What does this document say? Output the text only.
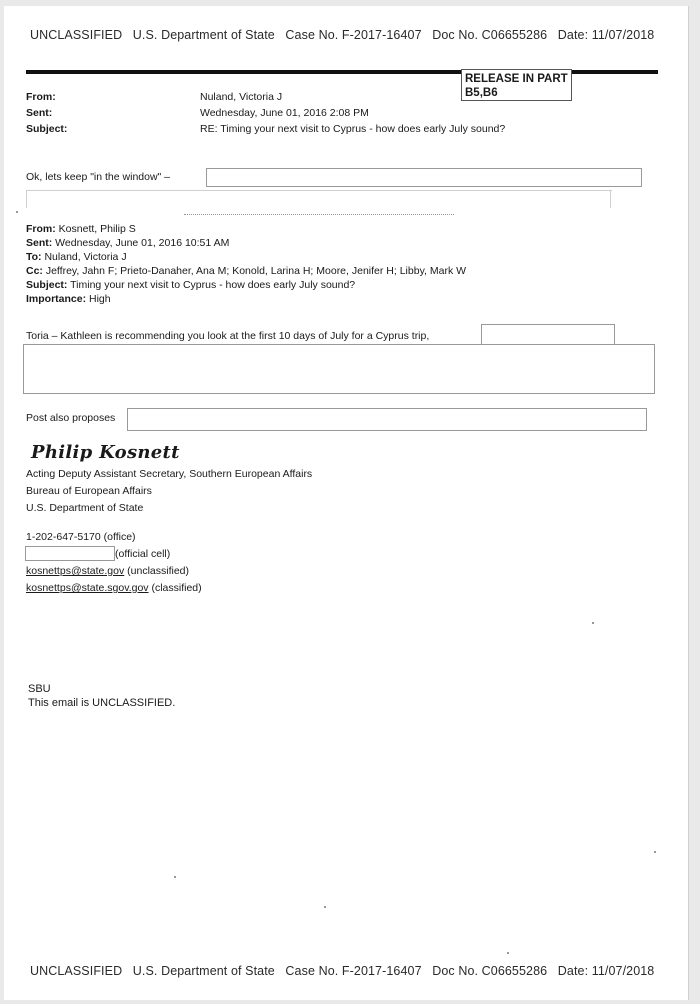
UNCLASSIFIED U.S. Department of State Case No. F-2017-16407 Doc No. C06655286 Date: 11/07/2018
RELEASE IN PART
B5,B6
From:	Nuland, Victoria J
Sent:	Wednesday, June 01, 2016 2:08 PM
Subject:	RE: Timing your next visit to Cyprus - how does early July sound?
Ok, lets keep "in the window" –
From: Kosnett, Philip S
Sent: Wednesday, June 01, 2016 10:51 AM
To: Nuland, Victoria J
Cc: Jeffrey, Jahn F; Prieto-Danaher, Ana M; Konold, Larina H; Moore, Jenifer H; Libby, Mark W
Subject: Timing your next visit to Cyprus - how does early July sound?
Importance: High
Toria – Kathleen is recommending you look at the first 10 days of July for a Cyprus trip,
Post also proposes
Philip Kosnett
Acting Deputy Assistant Secretary, Southern European Affairs
Bureau of European Affairs
U.S. Department of State
1-202-647-5170 (office)
(official cell)
kosnettps@state.gov (unclassified)
kosnettps@state.sgov.gov (classified)
SBU
This email is UNCLASSIFIED.
UNCLASSIFIED U.S. Department of State Case No. F-2017-16407 Doc No. C06655286 Date: 11/07/2018
